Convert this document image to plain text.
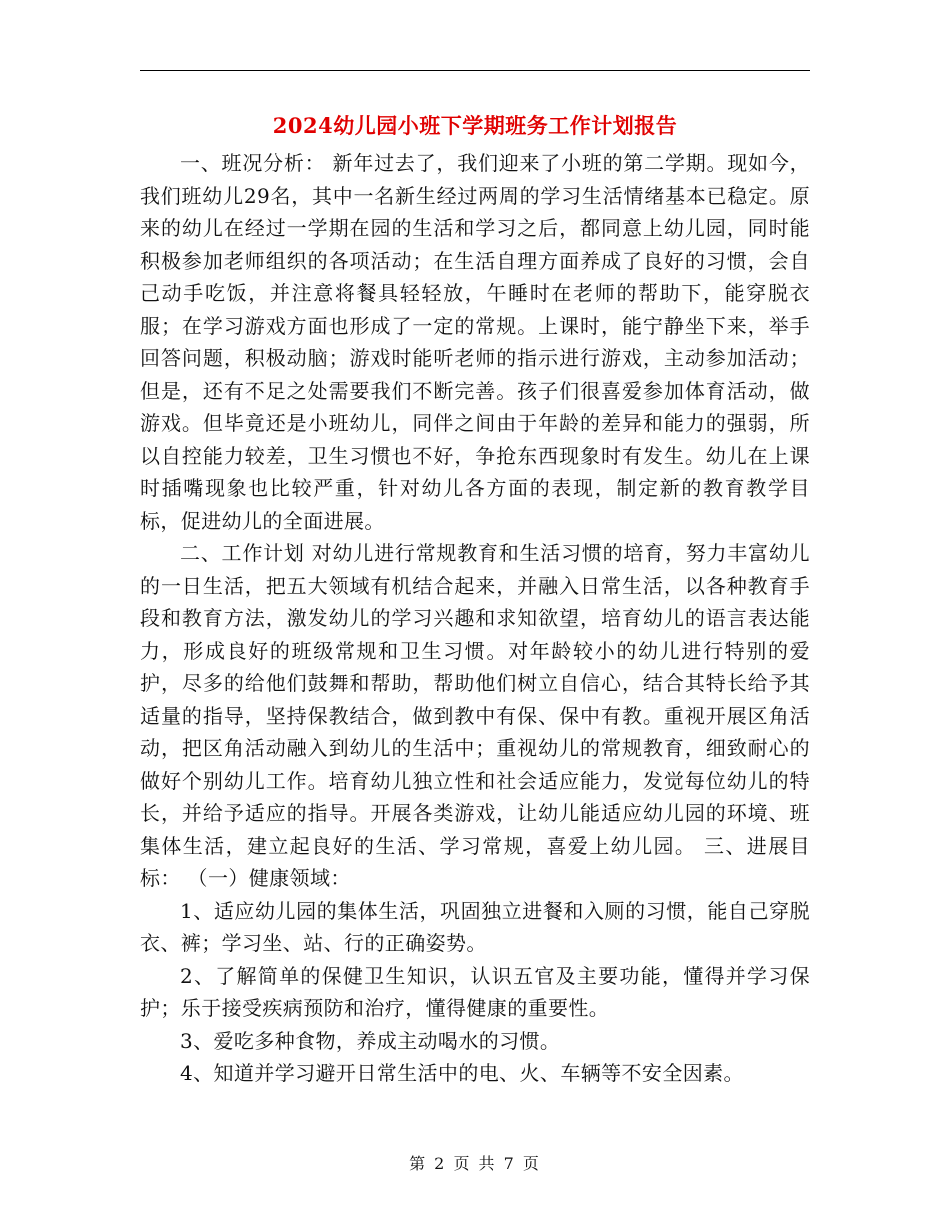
2024幼儿园小班下学期班务工作计划报告

一、班况分析： 新年过去了，我们迎来了小班的第二学期。现如今，我们班幼儿29名，其中一名新生经过两周的学习生活情绪基本已稳定。原来的幼儿在经过一学期在园的生活和学习之后，都同意上幼儿园，同时能积极参加老师组织的各项活动；在生活自理方面养成了良好的习惯，会自己动手吃饭，并注意将餐具轻轻放，午睡时在老师的帮助下，能穿脱衣服；在学习游戏方面也形成了一定的常规。上课时，能宁静坐下来，举手回答问题，积极动脑；游戏时能听老师的指示进行游戏，主动参加活动；但是，还有不足之处需要我们不断完善。孩子们很喜爱参加体育活动，做游戏。但毕竟还是小班幼儿，同伴之间由于年龄的差异和能力的强弱，所以自控能力较差，卫生习惯也不好，争抢东西现象时有发生。幼儿在上课时插嘴现象也比较严重，针对幼儿各方面的表现，制定新的教育教学目标，促进幼儿的全面进展。

二、工作计划 对幼儿进行常规教育和生活习惯的培育，努力丰富幼儿的一日生活，把五大领域有机结合起来，并融入日常生活，以各种教育手段和教育方法，激发幼儿的学习兴趣和求知欲望，培育幼儿的语言表达能力，形成良好的班级常规和卫生习惯。对年龄较小的幼儿进行特别的爱护，尽多的给他们鼓舞和帮助，帮助他们树立自信心，结合其特长给予其适量的指导，坚持保教结合，做到教中有保、保中有教。重视开展区角活动，把区角活动融入到幼儿的生活中；重视幼儿的常规教育，细致耐心的做好个别幼儿工作。培育幼儿独立性和社会适应能力，发觉每位幼儿的特长，并给予适应的指导。开展各类游戏，让幼儿能适应幼儿园的环境、班集体生活，建立起良好的生活、学习常规，喜爱上幼儿园。 三、进展目标： （一）健康领域：

1、适应幼儿园的集体生活，巩固独立进餐和入厕的习惯，能自己穿脱衣、裤；学习坐、站、行的正确姿势。

2、了解简单的保健卫生知识，认识五官及主要功能，懂得并学习保护；乐于接受疾病预防和治疗，懂得健康的重要性。

3、爱吃多种食物，养成主动喝水的习惯。

4、知道并学习避开日常生活中的电、火、车辆等不安全因素。

第 2 页 共 7 页
